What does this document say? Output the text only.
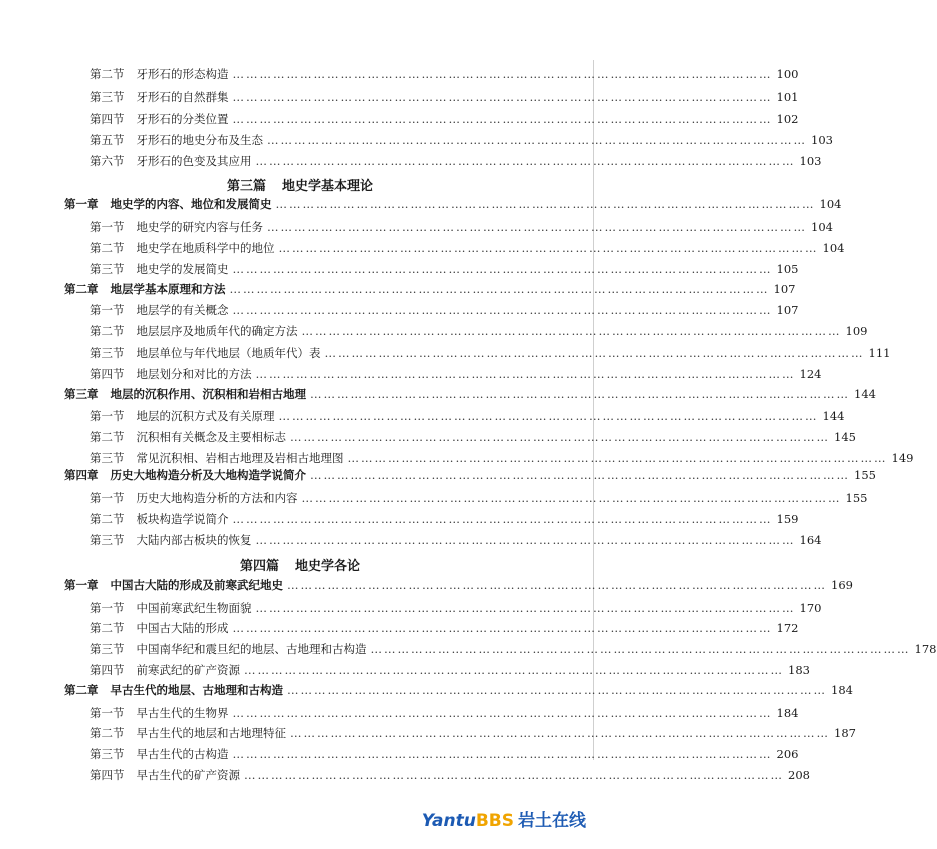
第二节 牙形石的形态构造 ………………………………………………………………………………………………………… 100
第三节 牙形石的自然群集 ………………………………………………………………………………………………………… 101
第四节 牙形石的分类位置 ………………………………………………………………………………………………………… 102
第五节 牙形石的地史分布及生态 ………………………………………………………………………………………………………… 103
第六节 牙形石的色变及其应用 ………………………………………………………………………………………………………… 103
第三篇 地史学基本理论
第一章 地史学的内容、地位和发展简史 ………………………………………………………………………………………………………… 104
第一节 地史学的研究内容与任务 ………………………………………………………………………………………………………… 104
第二节 地史学在地质科学中的地位 ………………………………………………………………………………………………………… 104
第三节 地史学的发展简史 ………………………………………………………………………………………………………… 105
第二章 地层学基本原理和方法 ………………………………………………………………………………………………………… 107
第一节 地层学的有关概念 ………………………………………………………………………………………………………… 107
第二节 地层层序及地质年代的确定方法 ………………………………………………………………………………………………………… 109
第三节 地层单位与年代地层（地质年代）表 ………………………………………………………………………………………………………… 111
第四节 地层划分和对比的方法 ………………………………………………………………………………………………………… 124
第三章 地层的沉积作用、沉积相和岩相古地理 ………………………………………………………………………………………………………… 144
第一节 地层的沉积方式及有关原理 ………………………………………………………………………………………………………… 144
第二节 沉积相有关概念及主要相标志 ………………………………………………………………………………………………………… 145
第三节 常见沉积相、岩相古地理及岩相古地理图 ………………………………………………………………………………………………………… 149
第四章 历史大地构造分析及大地构造学说简介 ………………………………………………………………………………………………………… 155
第一节 历史大地构造分析的方法和内容 ………………………………………………………………………………………………………… 155
第二节 板块构造学说简介 ………………………………………………………………………………………………………… 159
第三节 大陆内部古板块的恢复 ………………………………………………………………………………………………………… 164
第四篇 地史学各论
第一章 中国古大陆的形成及前寒武纪地史 ………………………………………………………………………………………………………… 169
第一节 中国前寒武纪生物面貌 ………………………………………………………………………………………………………… 170
第二节 中国古大陆的形成 ………………………………………………………………………………………………………… 172
第三节 中国南华纪和震旦纪的地层、古地理和古构造 ………………………………………………………………………………………………………… 178
第四节 前寒武纪的矿产资源 ………………………………………………………………………………………………………… 183
第二章 早古生代的地层、古地理和古构造 ………………………………………………………………………………………………………… 184
第一节 早古生代的生物界 ………………………………………………………………………………………………………… 184
第二节 早古生代的地层和古地理特征 ………………………………………………………………………………………………………… 187
第三节 早古生代的古构造 ………………………………………………………………………………………………………… 206
第四节 早古生代的矿产资源 ………………………………………………………………………………………………………… 208
Yantu BBS 岩土在线
